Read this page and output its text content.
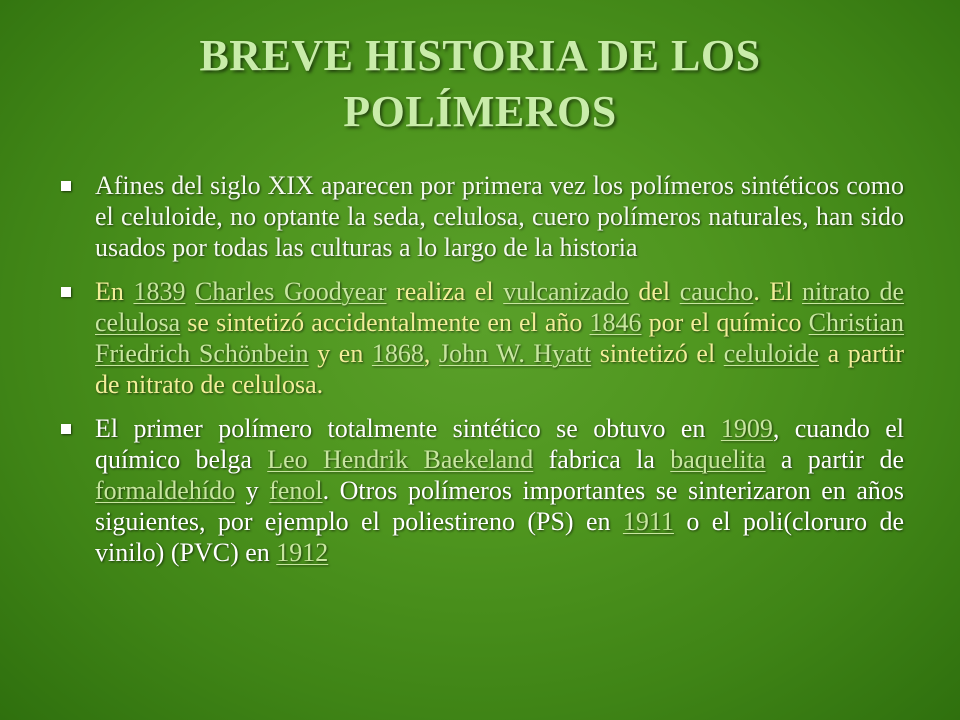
BREVE HISTORIA DE LOS POLÍMEROS
Afines del siglo XIX aparecen por primera vez los polímeros sintéticos como el celuloide, no optante la seda, celulosa, cuero polímeros naturales, han sido usados por todas las culturas a lo largo de la historia
En 1839 Charles Goodyear realiza el vulcanizado del caucho. El nitrato de celulosa se sintetizó accidentalmente en el año 1846 por el químico Christian Friedrich Schönbein y en 1868, John W. Hyatt sintetizó el celuloide a partir de nitrato de celulosa.
El primer polímero totalmente sintético se obtuvo en 1909, cuando el químico belga Leo Hendrik Baekeland fabrica la baquelita a partir de formaldehído y fenol. Otros polímeros importantes se sinterizaron en años siguientes, por ejemplo el poliestireno (PS) en 1911 o el poli(cloruro de vinilo) (PVC) en 1912
